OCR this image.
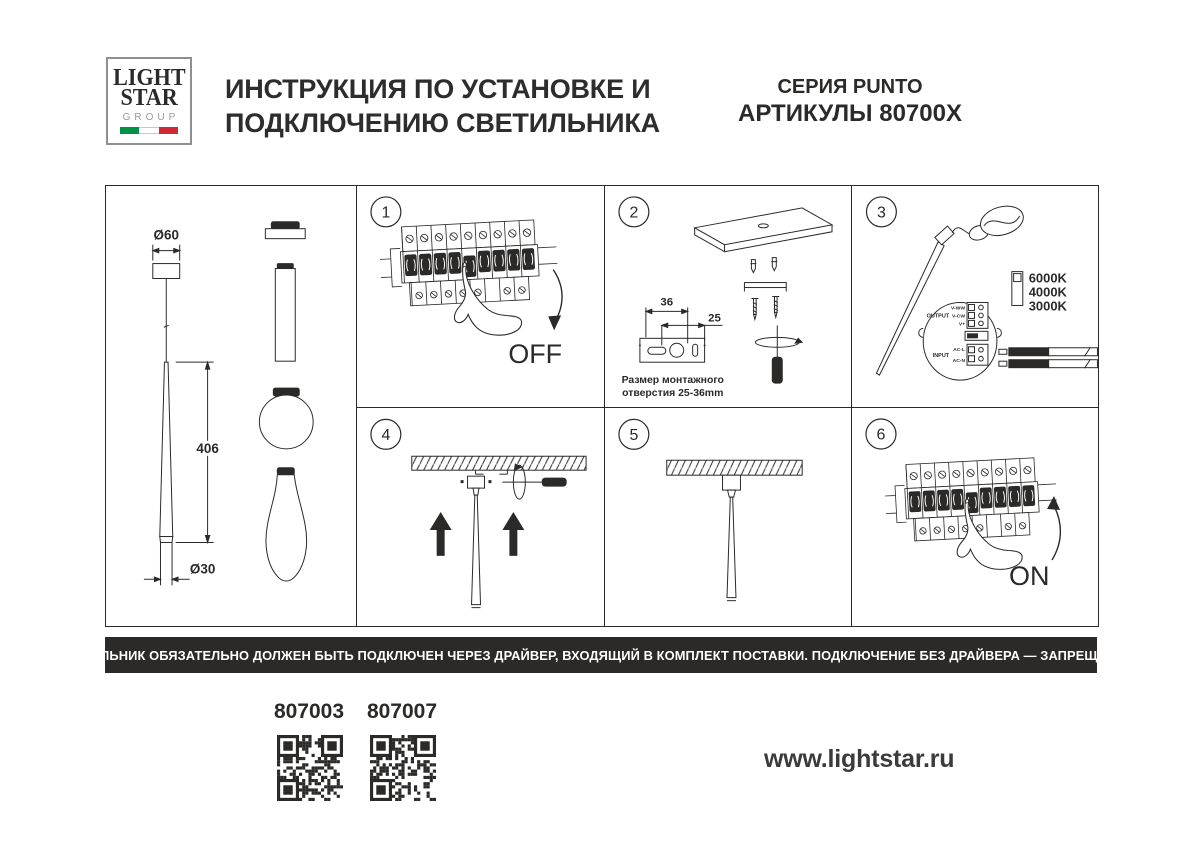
LIGHT
STAR
GROUP
ИНСТРУКЦИЯ ПО УСТАНОВКЕ И
ПОДКЛЮЧЕНИЮ СВЕТИЛЬНИКА
СЕРИЯ PUNTO
АРТИКУЛЫ 80700X
Ø60
406
Ø30
1
OFF
2
36
25
Размер монтажного
отверстия 25-36mm
3
6000K
4000K
3000K
OUTPUT
V-WW
V-CW
V+
INPUT
AC-L
AC-N
Brown line-L
Blue line-N
4	5	6
ON
СВЕТИЛЬНИК ОБЯЗАТЕЛЬНО ДОЛЖЕН БЫТЬ ПОДКЛЮЧЕН ЧЕРЕЗ ДРАЙВЕР, ВХОДЯЩИЙ В КОМПЛЕКТ ПОСТАВКИ. ПОДКЛЮЧЕНИЕ БЕЗ ДРАЙВЕРА — ЗАПРЕЩАЕТСЯ!
807003 807007
www.lightstar.ru
